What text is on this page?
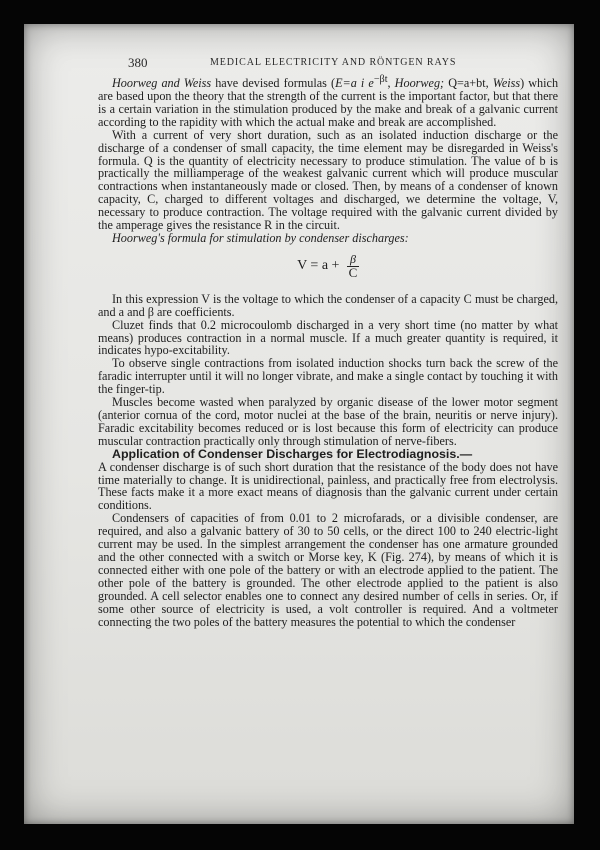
380	MEDICAL ELECTRICITY AND RÖNTGEN RAYS

Hoorweg and Weiss have devised formulas (E=a i $e^{-\beta t}$, Hoorweg; Q=a+bt, Weiss) which are based upon the theory that the strength of the current is the important factor, but that there is a certain variation in the stimulation produced by the make and break of a galvanic current according to the rapidity with which the actual make and break are accomplished.

With a current of very short duration, such as an isolated induction discharge or the discharge of a condenser of small capacity, the time element may be disregarded in Weiss's formula. Q is the quantity of electricity necessary to produce stimulation. The value of b is practically the milliamperage of the weakest galvanic current which will produce muscular contractions when instantaneously made or closed. Then, by means of a condenser of known capacity, C, charged to different voltages and discharged, we determine the voltage, V, necessary to produce contraction. The voltage required with the galvanic current divided by the amperage gives the resistance R in the circuit.

Hoorweg's formula for stimulation by condenser discharges:

$V = a + \frac{\beta}{C}$

In this expression V is the voltage to which the condenser of a capacity C must be charged, and a and β are coefficients.

Cluzet finds that 0.2 microcoulomb discharged in a very short time (no matter by what means) produces contraction in a normal muscle. If a much greater quantity is required, it indicates hypo-excitability.

To observe single contractions from isolated induction shocks turn back the screw of the faradic interrupter until it will no longer vibrate, and make a single contact by touching it with the finger-tip.

Muscles become wasted when paralyzed by organic disease of the lower motor segment (anterior cornua of the cord, motor nuclei at the base of the brain, neuritis or nerve injury). Faradic excitability becomes reduced or is lost because this form of electricity can produce muscular contraction practically only through stimulation of nerve-fibers.

Application of Condenser Discharges for Electrodiagnosis.—

A condenser discharge is of such short duration that the resistance of the body does not have time materially to change. It is unidirectional, painless, and practically free from electrolysis. These facts make it a more exact means of diagnosis than the galvanic current under certain conditions.

Condensers of capacities of from 0.01 to 2 microfarads, or a divisible condenser, are required, and also a galvanic battery of 30 to 50 cells, or the direct 100 to 240 electric-light current may be used. In the simplest arrangement the condenser has one armature grounded and the other connected with a switch or Morse key, K (Fig. 274), by means of which it is connected either with one pole of the battery or with an electrode applied to the patient. The other pole of the battery is grounded. The other electrode applied to the patient is also grounded. A cell selector enables one to connect any desired number of cells in series. Or, if some other source of electricity is used, a volt controller is required. And a voltmeter connecting the two poles of the battery measures the potential to which the condenser
